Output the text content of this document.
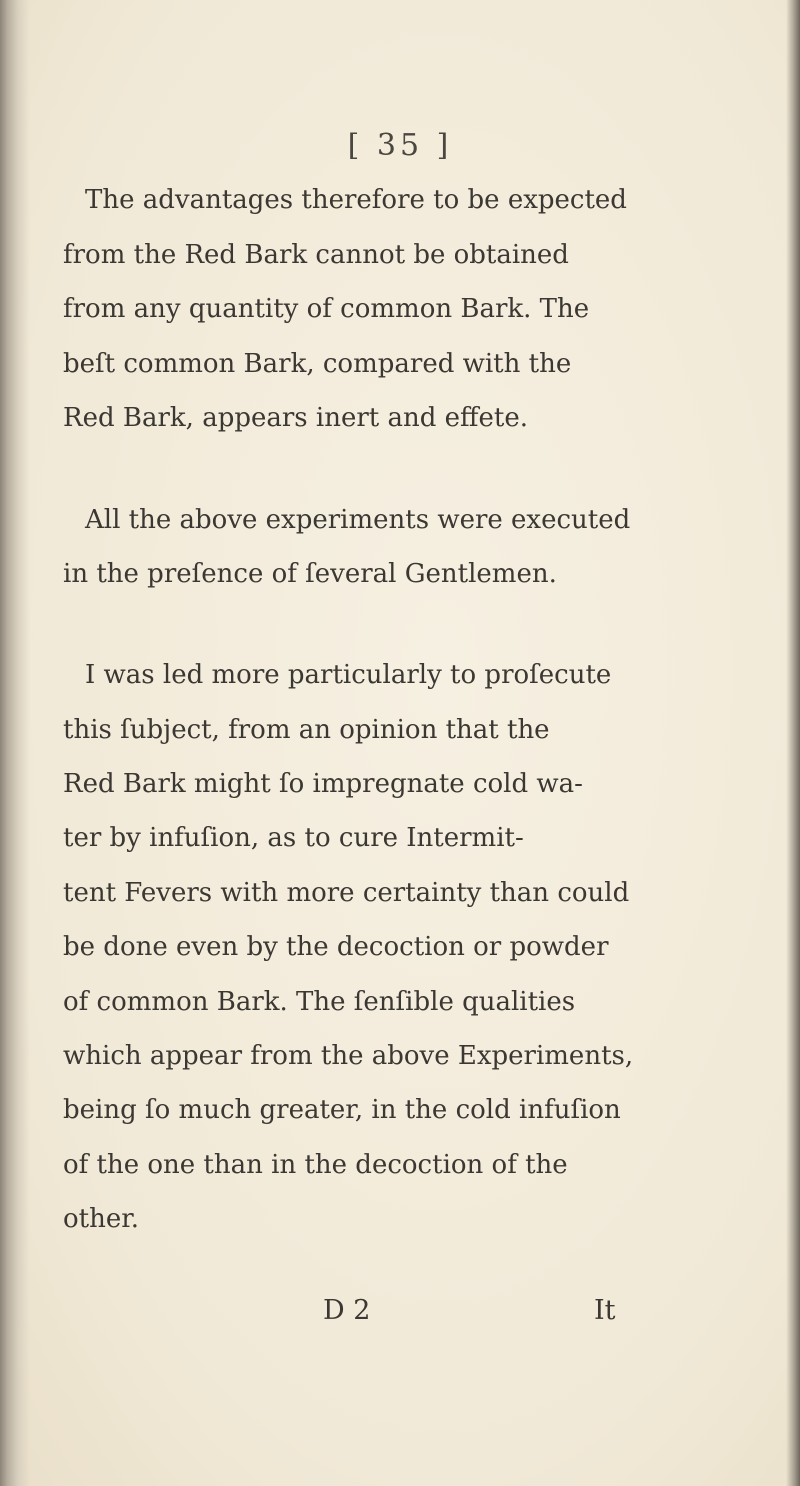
[ 35 ]
The advantages therefore to be expected
from the Red Bark cannot be obtained
from any quantity of common Bark. The
beſt common Bark, compared with the
Red Bark, appears inert and effete.
All the above experiments were executed
in the preſence of ſeveral Gentlemen.
I was led more particularly to proſecute
this ſubject, from an opinion that the
Red Bark might ſo impregnate cold wa-
ter by infuſion, as to cure Intermit-
tent Fevers with more certainty than could
be done even by the decoction or powder
of common Bark. The ſenſible qualities
which appear from the above Experiments,
being ſo much greater, in the cold infuſion
of the one than in the decoction of the
other.
D 2	It
